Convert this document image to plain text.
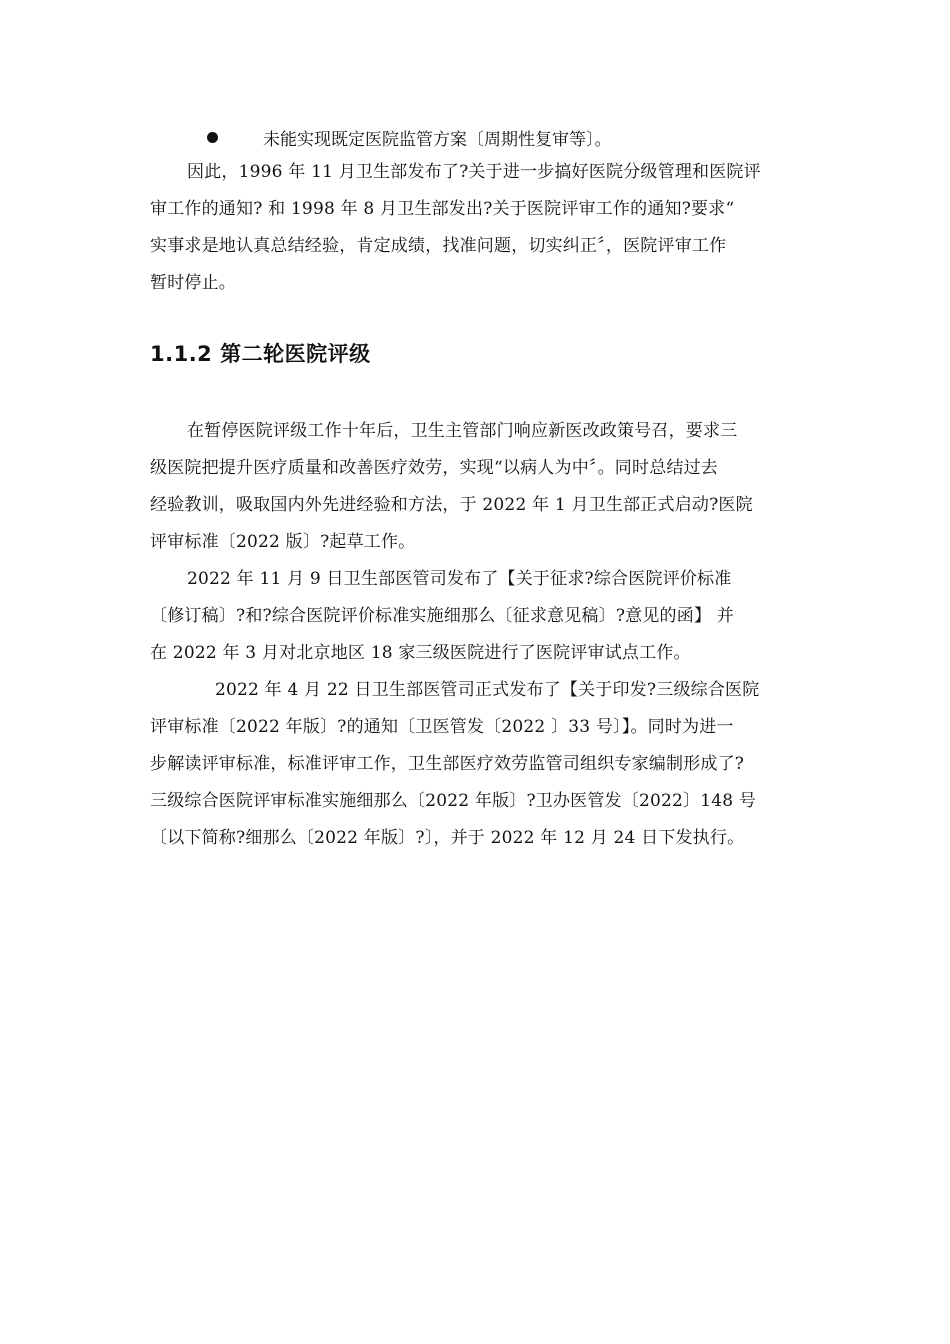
未能实现既定医院监管方案〔周期性复审等〕。
因此，1996 年 11 月卫生部发布了?关于进一步搞好医院分级管理和医院评
审工作的通知? 和 1998 年 8 月卫生部发出?关于医院评审工作的通知?要求“
实事求是地认真总结经验，肯定成绩，找准问题，切实纠正〞，医院评审工作
暂时停止。
1.1.2 第二轮医院评级
在暂停医院评级工作十年后，卫生主管部门响应新医改政策号召，要求三
级医院把提升医疗质量和改善医疗效劳，实现“以病人为中〞。同时总结过去
经验教训，吸取国内外先进经验和方法，于 2022 年 1 月卫生部正式启动?医院
评审标准〔2022 版〕?起草工作。
2022 年 11 月 9 日卫生部医管司发布了【关于征求?综合医院评价标准
〔修订稿〕?和?综合医院评价标准实施细那么〔征求意见稿〕?意见的函】 并
在 2022 年 3 月对北京地区 18 家三级医院进行了医院评审试点工作。
2022 年 4 月 22 日卫生部医管司正式发布了【关于印发?三级综合医院
评审标准〔2022 年版〕?的通知〔卫医管发〔2022 〕33 号〕】。同时为进一
步解读评审标准，标准评审工作，卫生部医疗效劳监管司组织专家编制形成了?
三级综合医院评审标准实施细那么〔2022 年版〕?卫办医管发〔2022〕148 号
〔以下简称?细那么〔2022 年版〕?〕，并于 2022 年 12 月 24 日下发执行。
